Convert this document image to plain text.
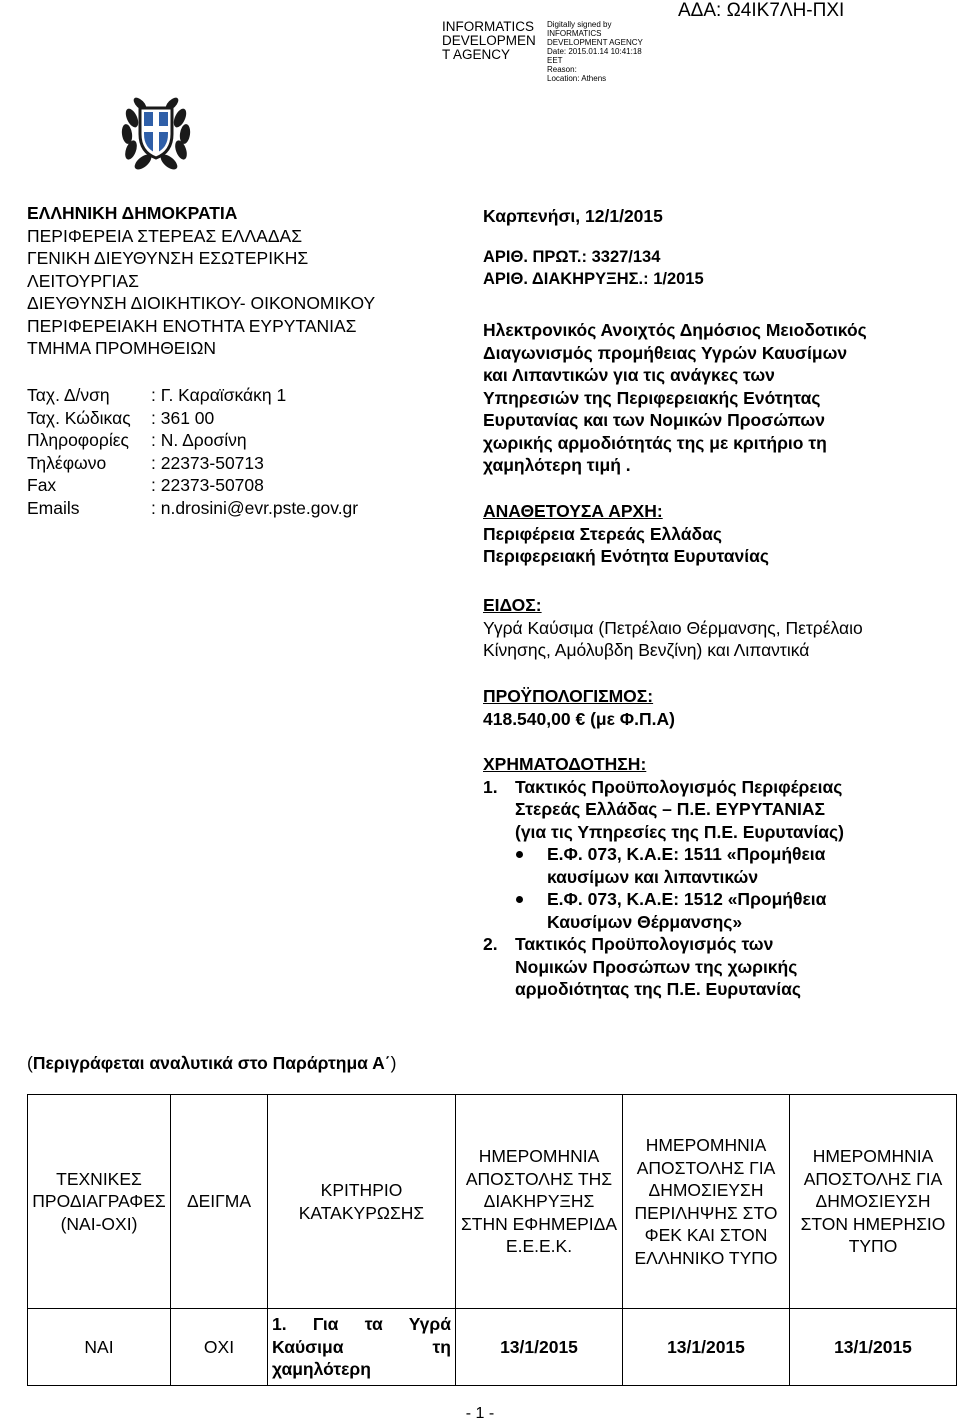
INFORMATICS
DEVELOPMEN
T AGENCY
Digitally signed by
INFORMATICS
DEVELOPMENT AGENCY
Date: 2015.01.14 10:41:18
EET
Reason:
Location: Athens
ΑΔΑ: Ω4ΙΚ7ΛΗ-ΠΧΙ
ΕΛΛΗΝΙΚΗ ΔΗΜΟΚΡΑΤΙΑ
ΠΕΡΙΦΕΡΕΙΑ ΣΤΕΡΕΑΣ ΕΛΛΑΔΑΣ
ΓΕΝΙΚΗ ΔΙΕΥΘΥΝΣΗ ΕΣΩΤΕΡΙΚΗΣ
ΛΕΙΤΟΥΡΓΙΑΣ
ΔΙΕΥΘΥΝΣΗ ΔΙΟΙΚΗΤΙΚΟΥ- ΟΙΚΟΝΟΜΙΚΟΥ
ΠΕΡΙΦΕΡΕΙΑΚΗ ΕΝΟΤΗΤΑ ΕΥΡΥΤΑΝΙΑΣ
ΤΜΗΜΑ ΠΡΟΜΗΘΕΙΩΝ
Ταχ. Δ/νση	: Γ. Καραϊσκάκη 1
Ταχ. Κώδικας	: 361 00
Πληροφορίες	: Ν. Δροσίνη
Τηλέφωνο	: 22373-50713
Fax	: 22373-50708
Emails	: n.drosini@evr.pste.gov.gr
Καρπενήσι, 12/1/2015
ΑΡΙΘ. ΠΡΩΤ.: 3327/134
ΑΡΙΘ. ΔΙΑΚΗΡΥΞΗΣ.: 1/2015
Ηλεκτρονικός Ανοιχτός Δημόσιος Μειοδοτικός
Διαγωνισμός προμήθειας Υγρών Καυσίμων
και Λιπαντικών για τις ανάγκες των
Υπηρεσιών της Περιφερειακής Ενότητας
Ευρυτανίας και των Νομικών Προσώπων
χωρικής αρμοδιότητάς της με κριτήριο τη
χαμηλότερη τιμή .
ΑΝΑΘΕΤΟΥΣΑ ΑΡΧΗ:
Περιφέρεια Στερεάς Ελλάδας
Περιφερειακή Ενότητα Ευρυτανίας
ΕΙΔΟΣ:
Υγρά Καύσιμα (Πετρέλαιο Θέρμανσης, Πετρέλαιο
Κίνησης, Αμόλυβδη Βενζίνη) και Λιπαντικά
ΠΡΟΫΠΟΛΟΓΙΣΜΟΣ:
418.540,00 € (με Φ.Π.Α)
ΧΡΗΜΑΤΟΔΟΤΗΣΗ:
1. Τακτικός Προϋπολογισμός Περιφέρειας
Στερεάς Ελλάδας – Π.Ε. ΕΥΡΥΤΑΝΙΑΣ
(για τις Υπηρεσίες της Π.Ε. Ευρυτανίας)
Ε.Φ. 073, Κ.Α.Ε: 1511 «Προμήθεια
καυσίμων και λιπαντικών
Ε.Φ. 073, Κ.Α.Ε: 1512 «Προμήθεια
Καυσίμων Θέρμανσης»
2. Τακτικός Προϋπολογισμός των
Νομικών Προσώπων της χωρικής
αρμοδιότητας της Π.Ε. Ευρυτανίας
(Περιγράφεται αναλυτικά στο Παράρτημα Α΄)
ΤΕΧΝΙΚΕΣ ΠΡΟΔΙΑΓΡΑΦΕΣ (ΝΑΙ-ΟΧΙ)	ΔΕΙΓΜΑ	ΚΡΙΤΗΡΙΟ ΚΑΤΑΚΥΡΩΣΗΣ	ΗΜΕΡΟΜΗΝΙΑ ΑΠΟΣΤΟΛΗΣ ΤΗΣ ΔΙΑΚΗΡΥΞΗΣ ΣΤΗΝ ΕΦΗΜΕΡΙΔΑ Ε.Ε.Ε.Κ.	ΗΜΕΡΟΜΗΝΙΑ ΑΠΟΣΤΟΛΗΣ ΓΙΑ ΔΗΜΟΣΙΕΥΣΗ ΠΕΡΙΛΗΨΗΣ ΣΤΟ ΦΕΚ ΚΑΙ ΣΤΟΝ ΕΛΛΗΝΙΚΟ ΤΥΠΟ	ΗΜΕΡΟΜΗΝΙΑ ΑΠΟΣΤΟΛΗΣ ΓΙΑ ΔΗΜΟΣΙΕΥΣΗ ΣΤΟΝ ΗΜΕΡΗΣΙΟ ΤΥΠΟ
ΝΑΙ	ΟΧΙ	1. Για τα Υγρά Καύσιμα τη χαμηλότερη	13/1/2015	13/1/2015	13/1/2015
- 1 -
